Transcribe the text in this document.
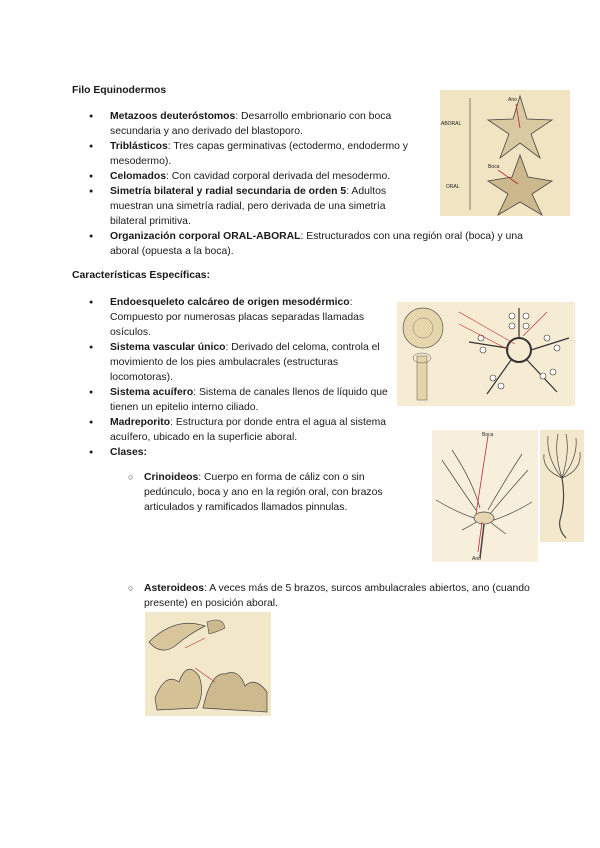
Filo Equinodermos
● Metazoos deuteróstomos: Desarrollo embrionario con boca secundaria y ano derivado del blastoporo.
● Triblásticos: Tres capas germinativas (ectodermo, endodermo y mesodermo).
● Celomados: Con cavidad corporal derivada del mesodermo.
● Simetría bilateral y radial secundaria de orden 5: Adultos muestran una simetría radial, pero derivada de una simetría bilateral primitiva.
● Organización corporal ORAL-ABORAL: Estructurados con una región oral (boca) y una aboral (opuesta a la boca).
Características Específicas:
● Endoesqueleto calcáreo de origen mesodérmico: Compuesto por numerosas placas separadas llamadas osículos.
● Sistema vascular único: Derivado del celoma, controla el movimiento de los pies ambulacrales (estructuras locomotoras).
● Sistema acuífero: Sistema de canales llenos de líquido que tienen un epitelio interno ciliado.
● Madreporito: Estructura por donde entra el agua al sistema acuífero, ubicado en la superficie aboral.
● Clases:
○ Crinoideos: Cuerpo en forma de cáliz con o sin pedúnculo, boca y ano en la región oral, con brazos articulados y ramificados llamados pinnulas.
○ Asteroideos: A veces más de 5 brazos, surcos ambulacrales abiertos, ano (cuando presente) en posición aboral.
ABORAL
ORAL
Ano
Boca
Boca
Ano
